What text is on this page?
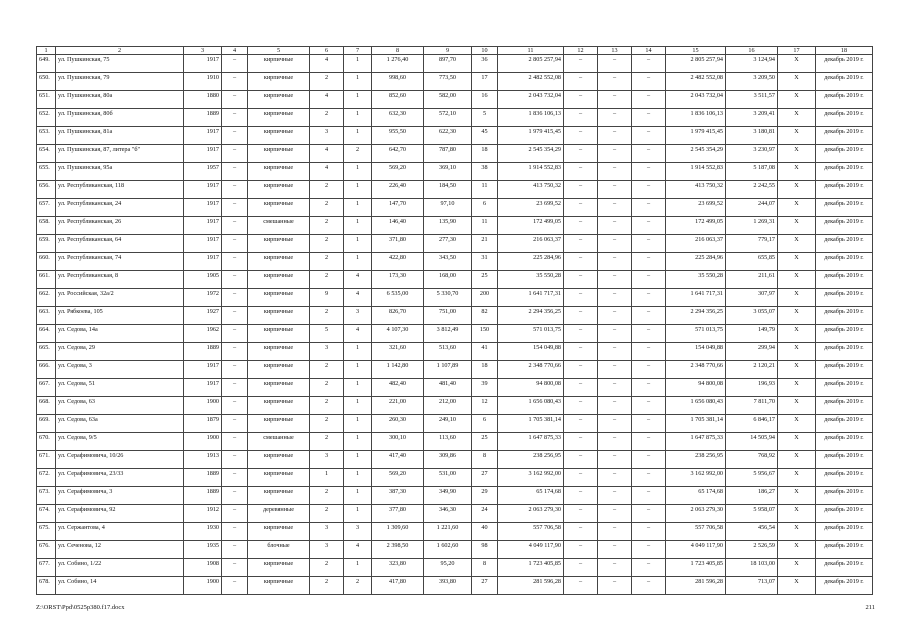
1	2	3	4	5	6	7	8	9	10	11	12	13	14	15	16	17	18
649.	ул. Пушкинская, 75	1917	–	кирпичные	4	1	1 276,40	897,70	36	2 805 257,94	–	–	–	2 805 257,94	3 124,94	Х	декабрь 2019 г.
650.	ул. Пушкинская, 79	1910	–	кирпичные	2	1	998,60	773,50	17	2 482 552,08	–	–	–	2 482 552,08	3 209,50	Х	декабрь 2019 г.
651.	ул. Пушкинская, 80а	1880	–	кирпичные	4	1	852,60	582,00	16	2 043 732,04	–	–	–	2 043 732,04	3 511,57	Х	декабрь 2019 г.
652.	ул. Пушкинская, 80б	1889	–	кирпичные	2	1	632,30	572,10	5	1 836 106,13	–	–	–	1 836 106,13	3 209,41	Х	декабрь 2019 г.
653.	ул. Пушкинская, 81а	1917	–	кирпичные	3	1	955,50	622,30	45	1 979 415,45	–	–	–	1 979 415,45	3 180,81	Х	декабрь 2019 г.
654.	ул. Пушкинская, 87, литера "б"	1917	–	кирпичные	4	2	642,70	787,80	18	2 545 354,29	–	–	–	2 545 354,29	3 230,97	Х	декабрь 2019 г.
655.	ул. Пушкинская, 95а	1957	–	кирпичные	4	1	569,20	369,10	38	1 914 552,83	–	–	–	1 914 552,83	5 187,08	Х	декабрь 2019 г.
656.	ул. Республиканская, 118	1917	–	кирпичные	2	1	226,40	184,50	11	413 750,32	–	–	–	413 750,32	2 242,55	Х	декабрь 2019 г.
657.	ул. Республиканская, 24	1917	–	кирпичные	2	1	147,70	97,10	6	23 699,52	–	–	–	23 699,52	244,07	Х	декабрь 2019 г.
658.	ул. Республиканская, 26	1917	–	смешанные	2	1	146,40	135,90	11	172 499,05	–	–	–	172 499,05	1 269,31	Х	декабрь 2019 г.
659.	ул. Республиканская, 64	1917	–	кирпичные	2	1	371,80	277,30	21	216 063,37	–	–	–	216 063,37	779,17	Х	декабрь 2019 г.
660.	ул. Республиканская, 74	1917	–	кирпичные	2	1	422,80	343,50	31	225 284,96	–	–	–	225 284,96	655,85	Х	декабрь 2019 г.
661.	ул. Республиканская, 8	1905	–	кирпичные	2	4	173,30	168,00	25	35 550,28	–	–	–	35 550,28	211,61	Х	декабрь 2019 г.
662.	ул. Российская, 32а/2	1972	–	кирпичные	9	4	6 535,00	5 330,70	200	1 641 717,31	–	–	–	1 641 717,31	307,97	Х	декабрь 2019 г.
663.	ул. Рябкоева, 105	1927	–	кирпичные	2	3	826,70	751,00	82	2 294 356,25	–	–	–	2 294 356,25	3 055,07	Х	декабрь 2019 г.
664.	ул. Седова, 14а	1962	–	кирпичные	5	4	4 107,30	3 812,49	150	571 013,75	–	–	–	571 013,75	149,79	Х	декабрь 2019 г.
665.	ул. Седова, 29	1889	–	кирпичные	3	1	321,60	513,60	41	154 049,88	–	–	–	154 049,88	299,94	Х	декабрь 2019 г.
666.	ул. Седова, 3	1917	–	кирпичные	2	1	1 142,80	1 107,89	18	2 348 770,66	–	–	–	2 348 770,66	2 120,21	Х	декабрь 2019 г.
667.	ул. Седова, 51	1917	–	кирпичные	2	1	482,40	481,40	39	94 800,08	–	–	–	94 800,08	196,93	Х	декабрь 2019 г.
668.	ул. Седова, 63	1900	–	кирпичные	2	1	221,00	212,00	12	1 656 080,43	–	–	–	1 656 080,43	7 811,70	Х	декабрь 2019 г.
669.	ул. Седова, 63а	1879	–	кирпичные	2	1	260,30	249,10	6	1 705 381,14	–	–	–	1 705 381,14	6 846,17	Х	декабрь 2019 г.
670.	ул. Седова, 9/5	1900	–	смешанные	2	1	300,10	113,60	25	1 647 875,33	–	–	–	1 647 875,33	14 505,94	Х	декабрь 2019 г.
671.	ул. Серафимовича, 10/26	1913	–	кирпичные	3	1	417,40	309,86	8	238 256,95	–	–	–	238 256,95	768,92	Х	декабрь 2019 г.
672.	ул. Серафимовича, 23/33	1889	–	кирпичные	1	1	569,20	531,00	27	3 162 992,00	–	–	–	3 162 992,00	5 956,67	Х	декабрь 2019 г.
673.	ул. Серафимовича, 3	1889	–	кирпичные	2	1	387,30	349,90	29	65 174,68	–	–	–	65 174,68	186,27	Х	декабрь 2019 г.
674.	ул. Серафимовича, 92	1912	–	деревянные	2	1	377,80	346,30	24	2 063 279,30	–	–	–	2 063 279,30	5 958,07	Х	декабрь 2019 г.
675.	ул. Сержантова, 4	1930	–	кирпичные	3	3	1 309,60	1 221,60	40	557 706,58	–	–	–	557 706,58	456,54	Х	декабрь 2019 г.
676.	ул. Сеченова, 12	1935	–	блочные	3	4	2 398,50	1 602,60	98	4 049 117,90	–	–	–	4 049 117,90	2 526,59	Х	декабрь 2019 г.
677.	ул. Собино, 1/22	1908	–	кирпичные	2	1	323,80	95,20	8	1 723 405,85	–	–	–	1 723 405,85	18 103,00	Х	декабрь 2019 г.
678.	ул. Собино, 14	1900	–	кирпичные	2	2	417,80	393,80	27	281 596,28	–	–	–	281 596,28	713,07	Х	декабрь 2019 г.
Z:\ORST\Ppd\0525p380.f17.docx	211
